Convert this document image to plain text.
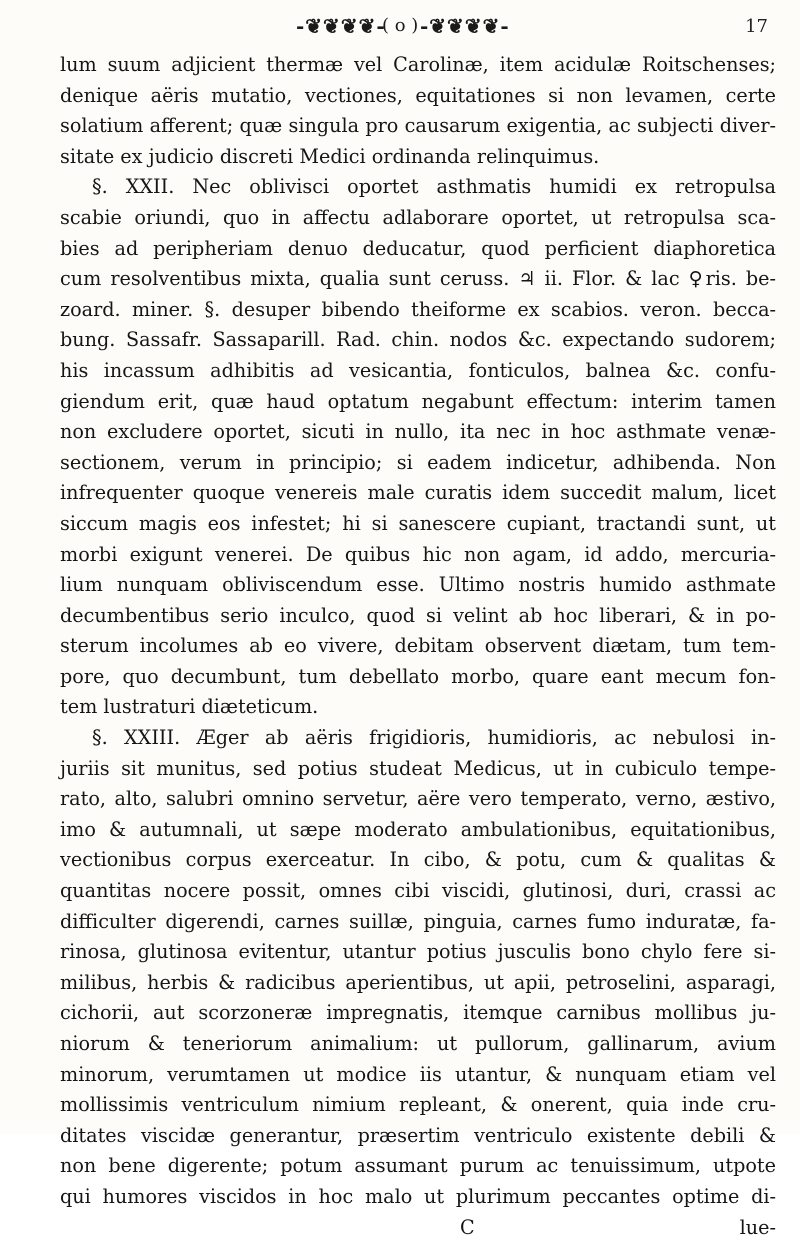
-❦❦❦❦-
( o ) -❦❦❦❦-	17
lum suum adjicient thermæ vel Carolinæ, item acidulæ Roitschenses;
denique aëris mutatio, vectiones, equitationes si non levamen, certe
solatium afferent; quæ singula pro causarum exigentia, ac subjecti diver-
sitate ex judicio discreti Medici ordinanda relinquimus.
§. XXII. Nec oblivisci oportet asthmatis humidi ex retropulsa
scabie oriundi, quo in affectu adlaborare oportet, ut retropulsa sca-
bies ad peripheriam denuo deducatur, quod perficient diaphoretica
cum resolventibus mixta, qualia sunt ceruss. ♃ ii. Flor. & lac ♀ris. be-
zoard. miner. §. desuper bibendo theiforme ex scabios. veron. becca-
bung. Sassafr. Sassaparill. Rad. chin. nodos &c. expectando sudorem;
his incassum adhibitis ad vesicantia, fonticulos, balnea &c. confu-
giendum erit, quæ haud optatum negabunt effectum: interim tamen
non excludere oportet, sicuti in nullo, ita nec in hoc asthmate venæ-
sectionem, verum in principio; si eadem indicetur, adhibenda. Non
infrequenter quoque venereis male curatis idem succedit malum, licet
siccum magis eos infestet; hi si sanescere cupiant, tractandi sunt, ut
morbi exigunt venerei. De quibus hic non agam, id addo, mercuria-
lium nunquam obliviscendum esse. Ultimo nostris humido asthmate
decumbentibus serio inculco, quod si velint ab hoc liberari, & in po-
sterum incolumes ab eo vivere, debitam observent diætam, tum tem-
pore, quo decumbunt, tum debellato morbo, quare eant mecum fon-
tem lustraturi diæteticum.
§. XXIII. Æger ab aëris frigidioris, humidioris, ac nebulosi in-
juriis sit munitus, sed potius studeat Medicus, ut in cubiculo tempe-
rato, alto, salubri omnino servetur, aëre vero temperato, verno, æstivo,
imo & autumnali, ut sæpe moderato ambulationibus, equitationibus,
vectionibus corpus exerceatur. In cibo, & potu, cum & qualitas &
quantitas nocere possit, omnes cibi viscidi, glutinosi, duri, crassi ac
difficulter digerendi, carnes suillæ, pinguia, carnes fumo induratæ, fa-
rinosa, glutinosa evitentur, utantur potius jusculis bono chylo fere si-
milibus, herbis & radicibus aperientibus, ut apii, petroselini, asparagi,
cichorii, aut scorzoneræ impregnatis, itemque carnibus mollibus ju-
niorum & teneriorum animalium: ut pullorum, gallinarum, avium
minorum, verumtamen ut modice iis utantur, & nunquam etiam vel
mollissimis ventriculum nimium repleant, & onerent, quia inde cru-
ditates viscidæ generantur, præsertim ventriculo existente debili &
non bene digerente; potum assumant purum ac tenuissimum, utpote
qui humores viscidos in hoc malo ut plurimum peccantes optime di-
C	lue-
